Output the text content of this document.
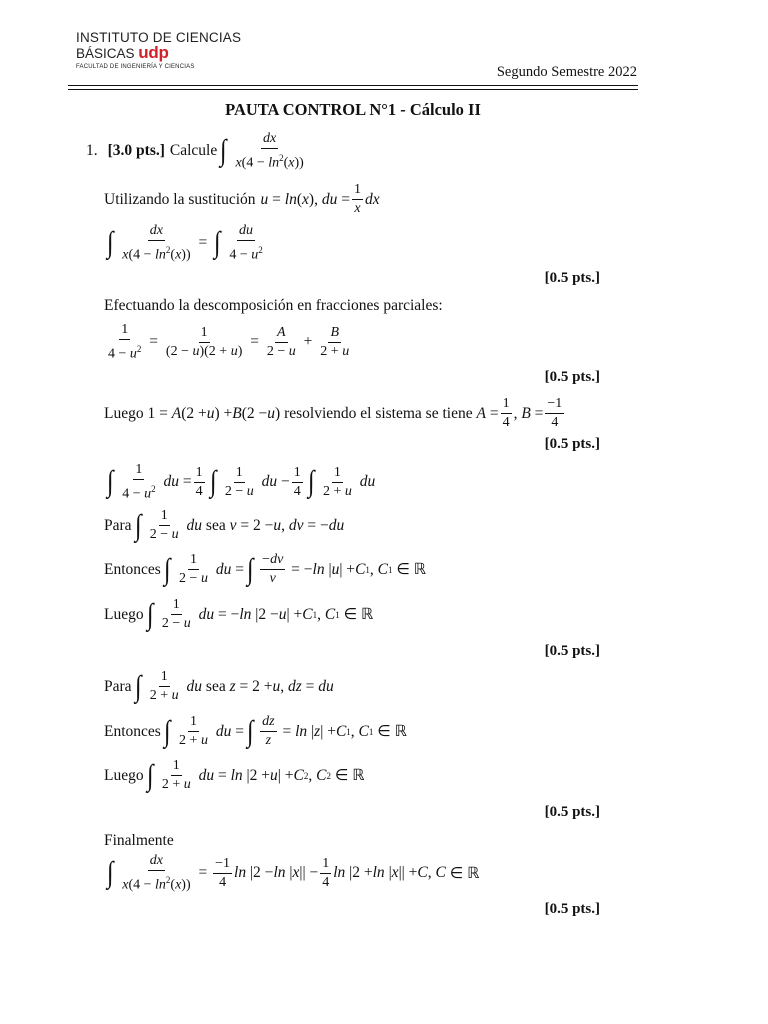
INSTITUTO DE CIENCIAS
BÁSICAS udp
FACULTAD DE INGENIERÍA Y CIENCIAS	Segundo Semestre 2022
PAUTA CONTROL N°1 - Cálculo II
1. [3.0 pts.] Calcule ∫ $\frac{dx}{x(4 - \ln^2(x))}$
Utilizando la sustitución u = ln ( x ), du = $\frac{1}{x}$ dx
∫ $\frac{dx}{x(4 - \ln^2(x))}$ = ∫ $\frac{du}{4 - u^2}$
[0.5 pts.]
Efectuando la descomposición en fracciones parciales:
$\frac{1}{4 - u^2} = \frac{1}{(2 - u)(2 + u)} = \frac{A}{2 - u} + \frac{B}{2 + u}$
[0.5 pts.]
Luego 1 = A (2 + u ) + B (2 − u ) resolviendo el sistema se tiene
$A = \frac{1}{4}$ , $B = \frac{-1}{4}$
[0.5 pts.]
∫ $\frac{1}{4 - u^2}$
du = $\frac{1}{4}$ ∫ $\frac{1}{2 - u}$
du − $\frac{1}{4}$ ∫ $\frac{1}{2 + u}$
du
Para ∫ $\frac{1}{2 - u}$
du
sea
v = 2 − u , dv = − du
Entonces ∫ $\frac{1}{2 - u}$
du = ∫ $\frac{-dv}{v}$ = − ln | u | + C 1 , C 1 ∈ ℝ
Luego ∫ $\frac{1}{2 - u}$
du = − ln |2 − u | + C 1 , C 1 ∈ ℝ
[0.5 pts.]
Para ∫ $\frac{1}{2 + u}$
du
sea
z = 2 + u , dz = du
Entonces ∫ $\frac{1}{2 + u}$
du = ∫ $\frac{dz}{z} = \ln$ | z | + C 1 , C 1 ∈ ℝ
Luego ∫ $\frac{1}{2 + u}$
du = ln |2 + u | + C 2 , C 2 ∈ ℝ
[0.5 pts.]
Finalmente
∫ $\frac{dx}{x(4 - \ln^2(x))} = \frac{-1}{4}$ ln |2 − ln | x || − $\frac{1}{4}$ ln |2 + ln | x || + C , C ∈ ℝ
[0.5 pts.]
